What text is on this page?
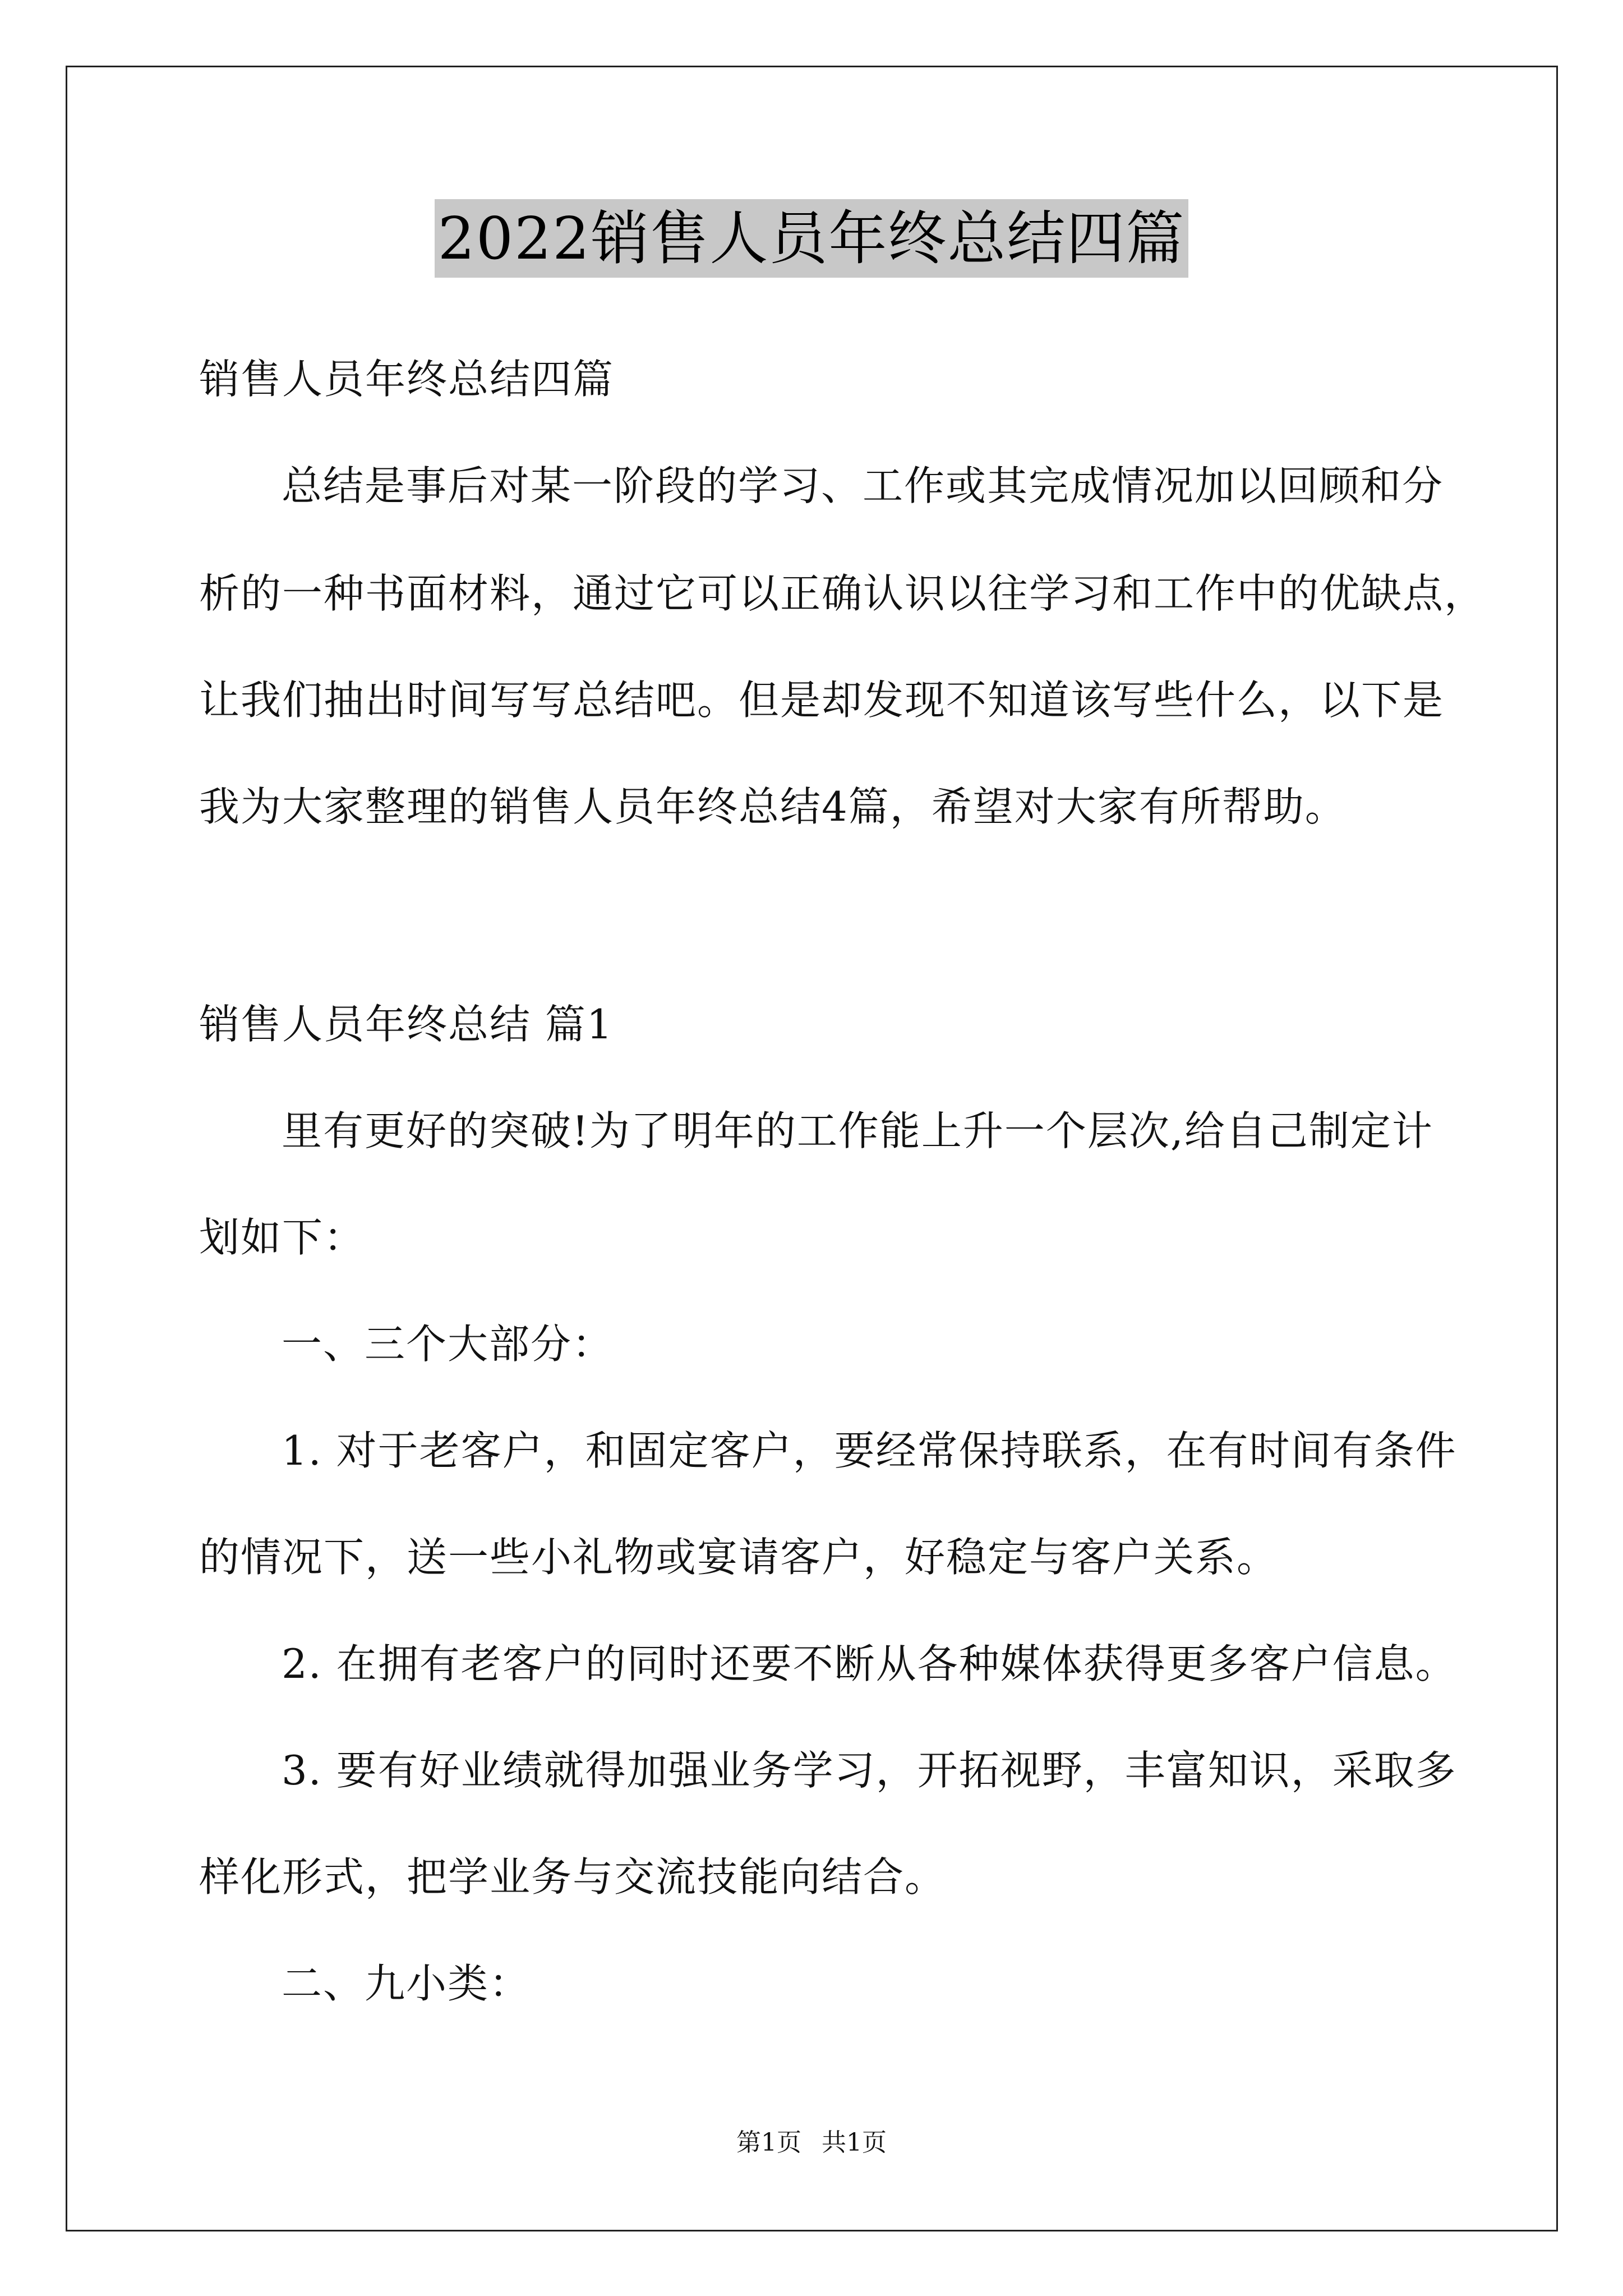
2022销售人员年终总结四篇
销售人员年终总结四篇
总结是事后对某一阶段的学习、工作或其完成情况加以回顾和分
析的一种书面材料，通过它可以正确认识以往学习和工作中的优缺点，
让我们抽出时间写写总结吧。但是却发现不知道该写些什么，以下是
我为大家整理的销售人员年终总结4篇，希望对大家有所帮助。
销售人员年终总结 篇1
里有更好的突破!为了明年的工作能上升一个层次,给自己制定计
划如下：
一、三个大部分：
1. 对于老客户，和固定客户，要经常保持联系，在有时间有条件
的情况下，送一些小礼物或宴请客户，好稳定与客户关系。
2. 在拥有老客户的同时还要不断从各种媒体获得更多客户信息。
3. 要有好业绩就得加强业务学习，开拓视野，丰富知识，采取多
样化形式，把学业务与交流技能向结合。
二、九小类：
第1页 共1页
